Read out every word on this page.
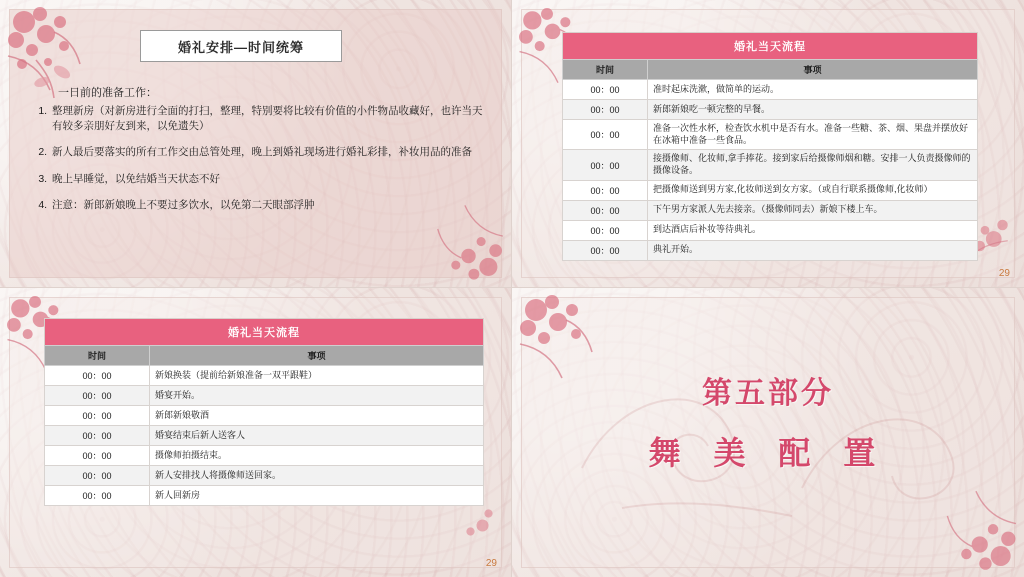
婚礼安排—时间统筹
一日前的准备工作：
1. 整理新房（对新房进行全面的打扫，整理，特别要将比较有价值的小件物品收藏好，也许当天有较多亲朋好友到来，以免遗失）
2. 新人最后要落实的所有工作交由总管处理，晚上到婚礼现场进行婚礼彩排，补妆用品的准备
3. 晚上早睡觉，以免结婚当天状态不好
4. 注意：新郎新娘晚上不要过多饮水，以免第二天眼部浮肿
婚礼当天流程
时间	事项
00：00	准时起床洗漱，做简单的运动。
00：00	新郎新娘吃一顿完整的早餐。
00：00	准备一次性水杯，检查饮水机中是否有水。准备一些糖、茶、烟、果盘并摆放好在冰箱中准备一些食品。
00：00	接摄像师、化妆师,拿手捧花。接到家后给摄像师烟和糖。安排一人负责摄像师的摄像设备。
00：00	把摄像师送到男方家,化妆师送到女方家。（或自行联系摄像师,化妆师）
00：00	下午男方家派人先去接亲。（摄像师同去）新娘下楼上车。
00：00	到达酒店后补妆等待典礼。
00：00	典礼开始。
29
婚礼当天流程
时间	事项
00：00	新娘换装（提前给新娘准备一双平跟鞋）
00：00	婚宴开始。
00：00	新郎新娘敬酒
00：00	婚宴结束后新人送客人
00：00	摄像师拍摄结束。
00：00	新人安排找人将摄像师送回家。
00：00	新人回新房
29
第五部分
舞 美 配 置
